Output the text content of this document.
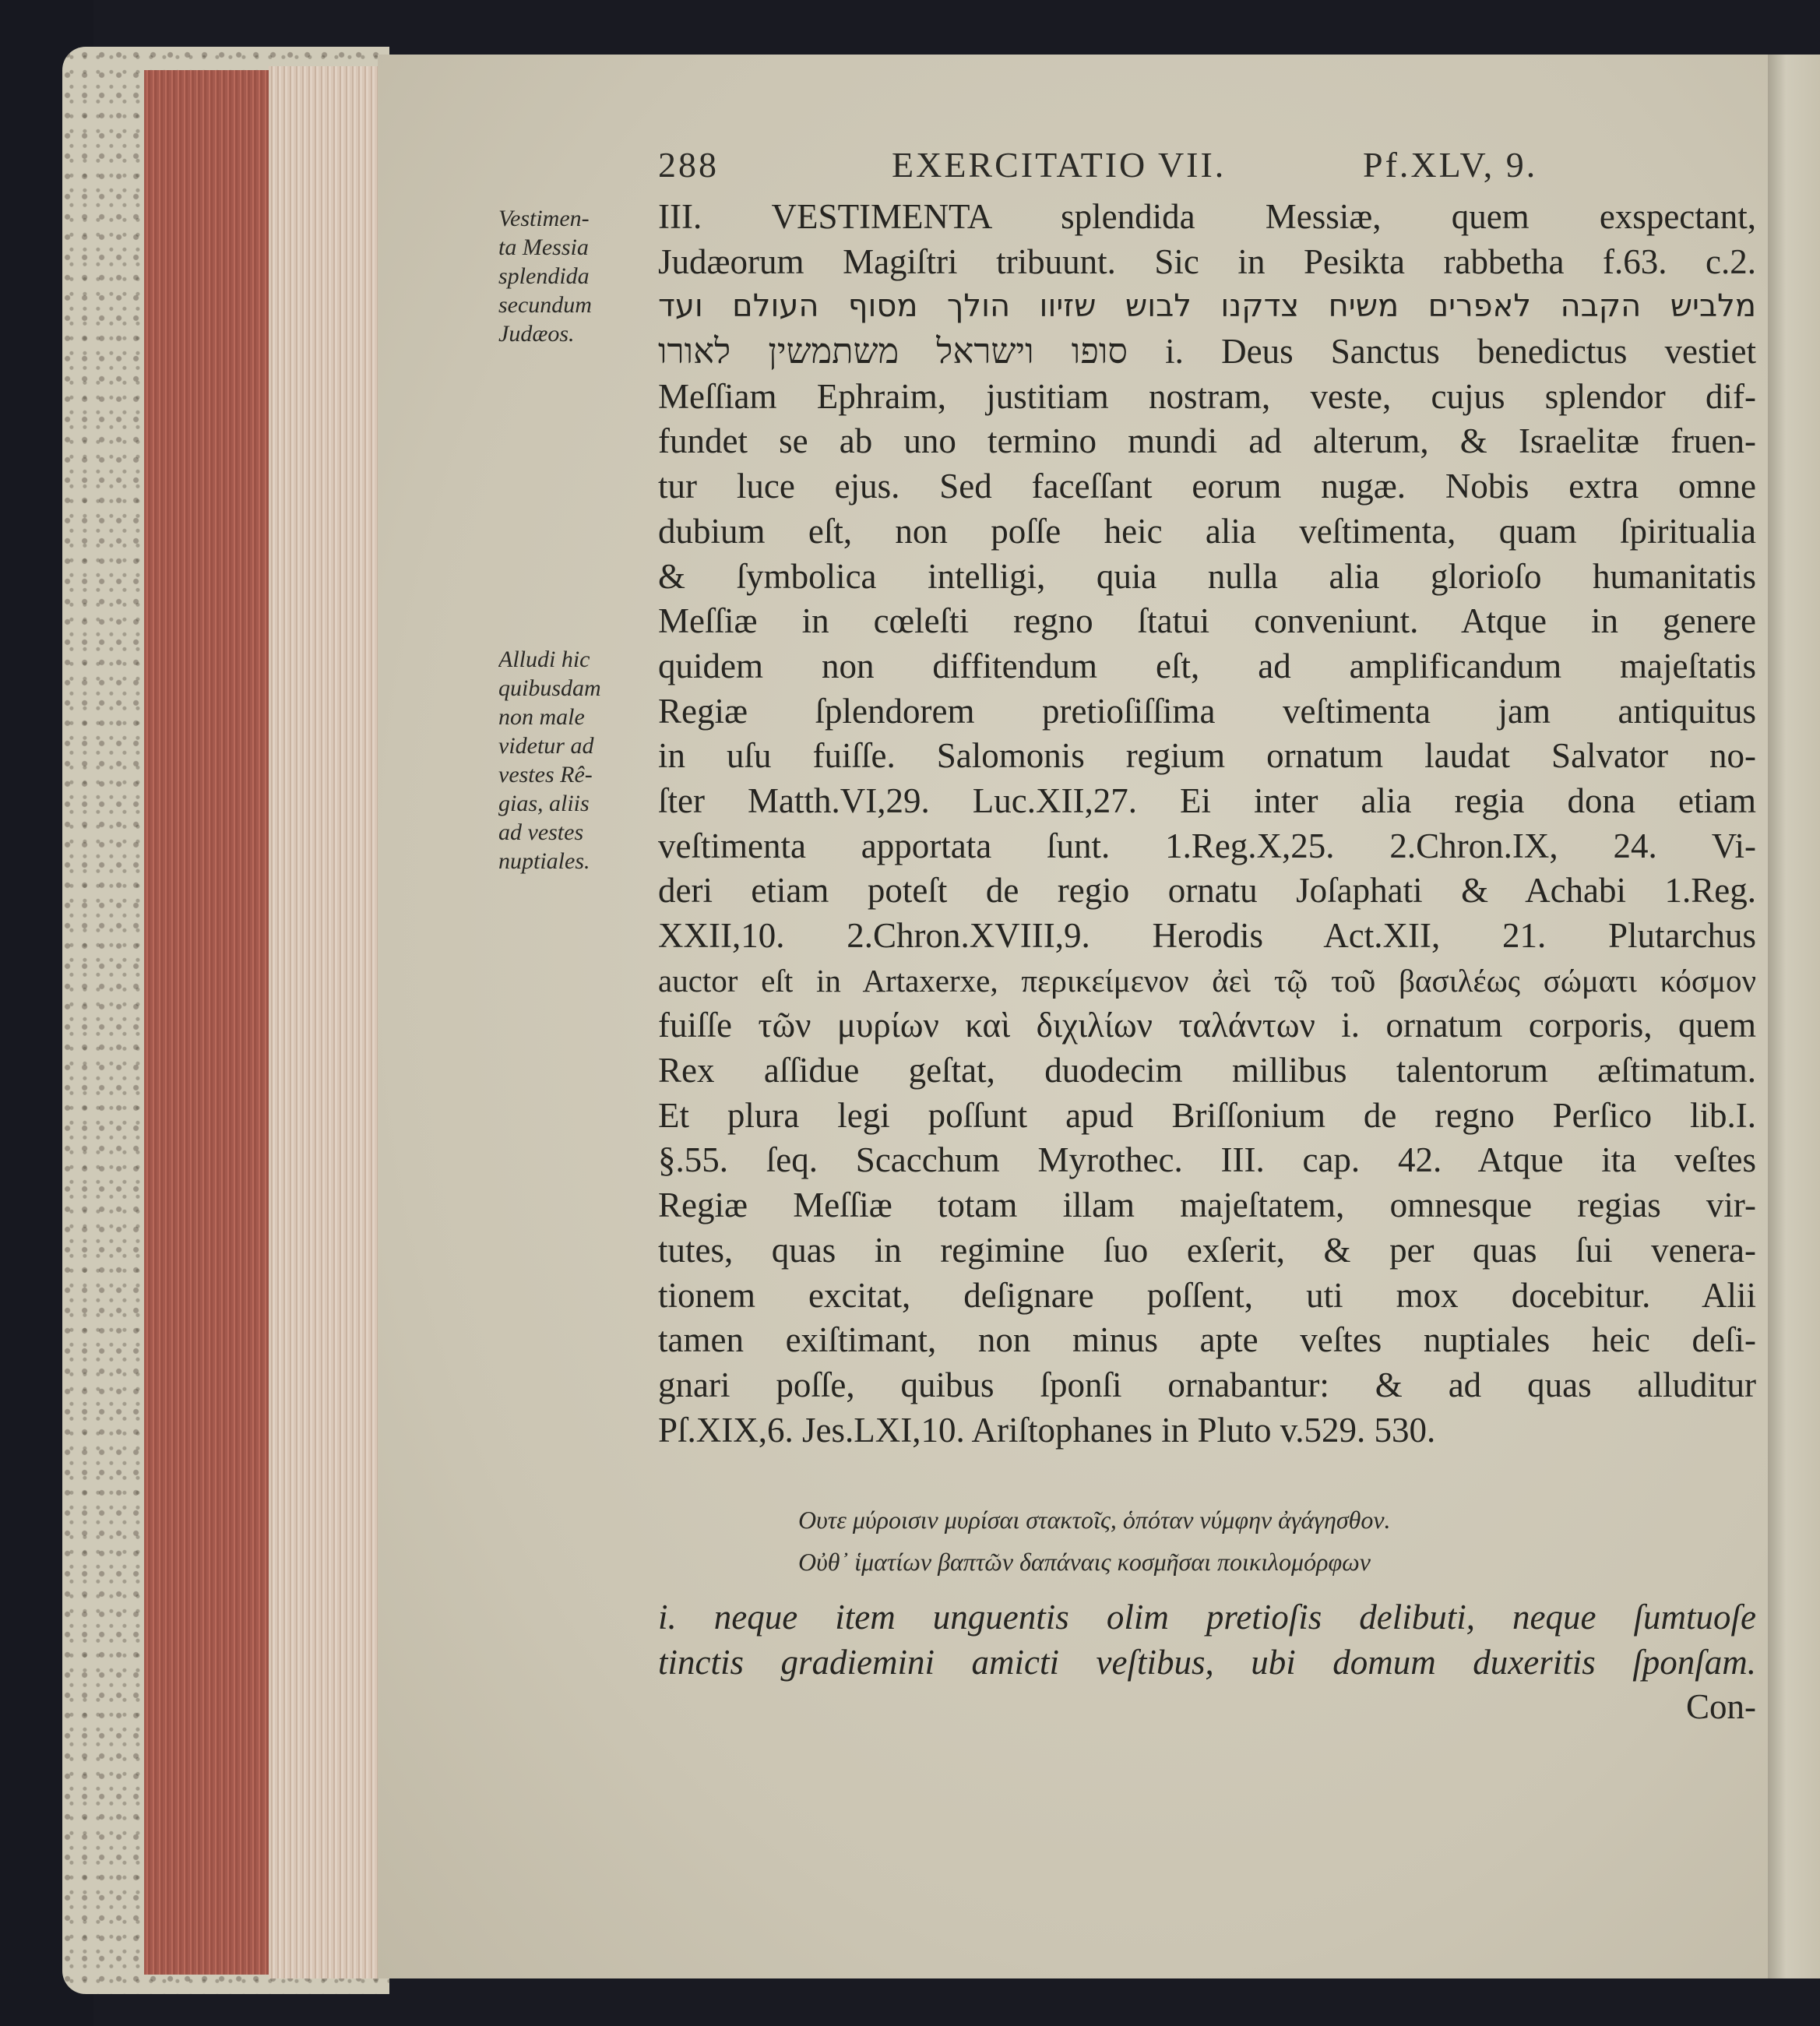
288	EXERCITATIO VII.	Pf.XLV, 9.
Vestimen-
ta Messia
splendida
secundum
Judæos.
Alludi hic
quibusdam
non male
videtur ad
vestes Rê-
gias, aliis
ad vestes
nuptiales.
III. VESTIMENTA splendida Messiæ, quem exspectant,
Judæorum Magiſtri tribuunt. Sic in Pesikta rabbetha f.63. c.2.
מלביש הקבה לאפרים משיח צדקנו לבוש שזיוו הולך מסוף העולם ועד
סופו וישראל משתמשין לאורו i. Deus Sanctus benedictus vestiet
Meſſiam Ephraim, justitiam nostram, veste, cujus splendor dif-
fundet se ab uno termino mundi ad alterum, & Israelitæ fruen-
tur luce ejus. Sed faceſſant eorum nugæ. Nobis extra omne
dubium eſt, non poſſe heic alia veſtimenta, quam ſpiritualia
& ſymbolica intelligi, quia nulla alia glorioſo humanitatis
Meſſiæ in cœleſti regno ſtatui conveniunt. Atque in genere
quidem non diffitendum eſt, ad amplificandum majeſtatis
Regiæ ſplendorem pretioſiſſima veſtimenta jam antiquitus
in uſu fuiſſe. Salomonis regium ornatum laudat Salvator no-
ſter Matth.VI,29. Luc.XII,27. Ei inter alia regia dona etiam
veſtimenta apportata ſunt. 1.Reg.X,25. 2.Chron.IX, 24. Vi-
deri etiam poteſt de regio ornatu Joſaphati & Achabi 1.Reg.
XXII,10. 2.Chron.XVIII,9. Herodis Act.XII, 21. Plutarchus
auctor eſt in Artaxerxe, περικείμενον ἀεὶ τῷ τοῦ βασιλέως σώματι κόσμον
fuiſſe τῶν μυρίων καὶ διχιλίων ταλάντων i. ornatum corporis, quem
Rex aſſidue geſtat, duodecim millibus talentorum æſtimatum.
Et plura legi poſſunt apud Briſſonium de regno Perſico lib.I.
§.55. ſeq. Scacchum Myrothec. III. cap. 42. Atque ita veſtes
Regiæ Meſſiæ totam illam majeſtatem, omnesque regias vir-
tutes, quas in regimine ſuo exſerit, & per quas ſui venera-
tionem excitat, deſignare poſſent, uti mox docebitur. Alii
tamen exiſtimant, non minus apte veſtes nuptiales heic deſi-
gnari poſſe, quibus ſponſi ornabantur: & ad quas alluditur
Pſ.XIX,6. Jes.LXI,10. Ariſtophanes in Pluto v.529. 530.
Ουτε μύροισιν μυρίσαι στακτοῖς, ὁπόταν νύμφην ἀγάγησθον.
Οὐθ᾽ ἱματίων βαπτῶν δαπάναις κοσμῆσαι ποικιλομόρφων
i. neque item unguentis olim pretioſis delibuti, neque ſumtuoſe
tinctis gradiemini amicti veſtibus, ubi domum duxeritis ſponſam.
Con-
